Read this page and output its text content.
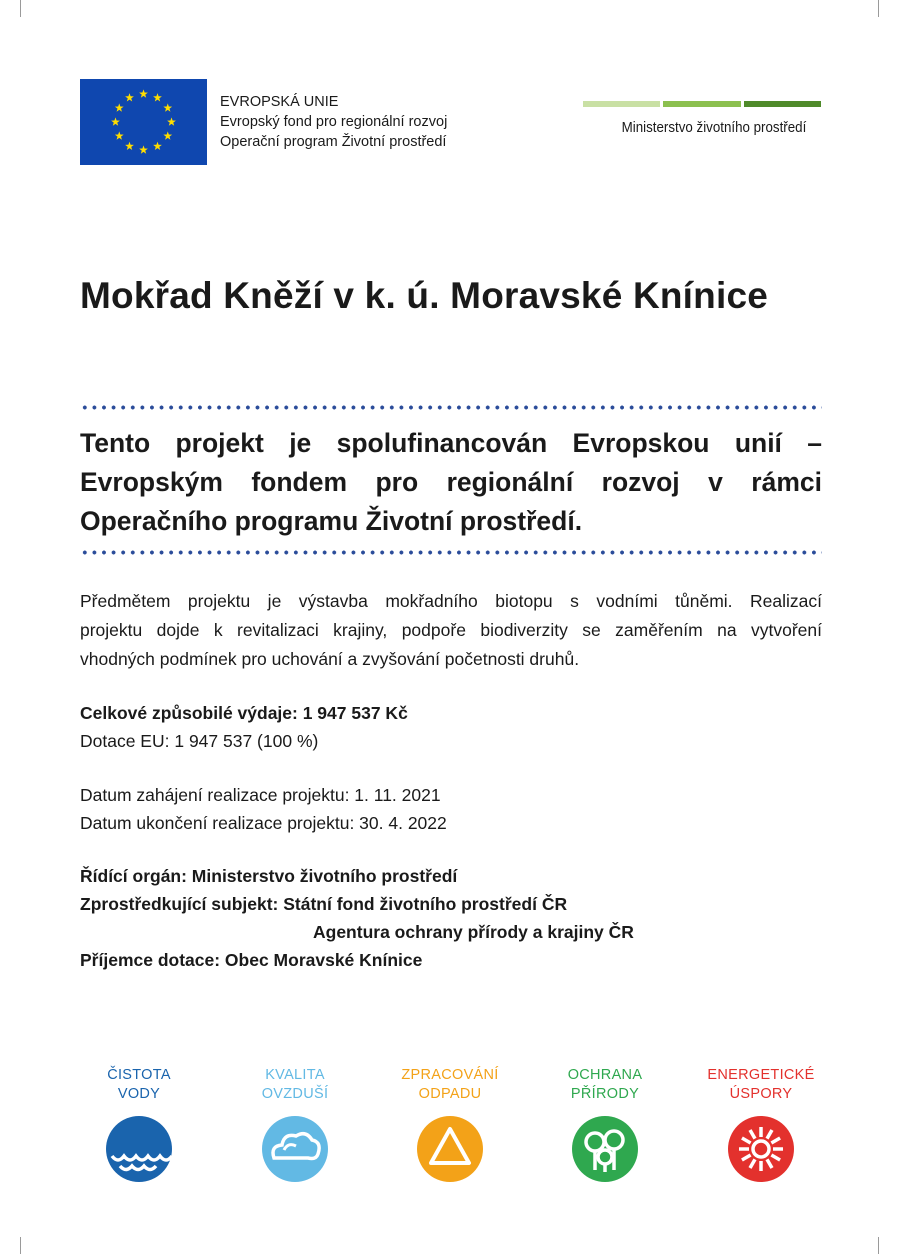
EVROPSKÁ UNIE
Evropský fond pro regionální rozvoj
Operační program Životní prostředí
Ministerstvo životního prostředí
Mokřad Kněží v k. ú. Moravské Knínice
Tento projekt je spolufinancován Evropskou unií –
Evropským fondem pro regionální rozvoj v rámci
Operačního programu Životní prostředí.
Předmětem projektu je výstavba mokřadního biotopu s vodními tůněmi. Realizací
projektu dojde k revitalizaci krajiny, podpoře biodiverzity se zaměřením na vytvoření
vhodných podmínek pro uchování a zvyšování početnosti druhů.
Celkové způsobilé výdaje: 1 947 537 Kč
Dotace EU: 1 947 537 (100 %)
Datum zahájení realizace projektu: 1. 11. 2021
Datum ukončení realizace projektu: 30. 4. 2022
Řídící orgán: Ministerstvo životního prostředí
Zprostředkující subjekt: Státní fond životního prostředí ČR
Agentura ochrany přírody a krajiny ČR
Příjemce dotace: Obec Moravské Knínice
ČISTOTA
VODY
KVALITA
OVZDUŠÍ
ZPRACOVÁNÍ
ODPADU
OCHRANA
PŘÍRODY
ENERGETICKÉ
ÚSPORY
